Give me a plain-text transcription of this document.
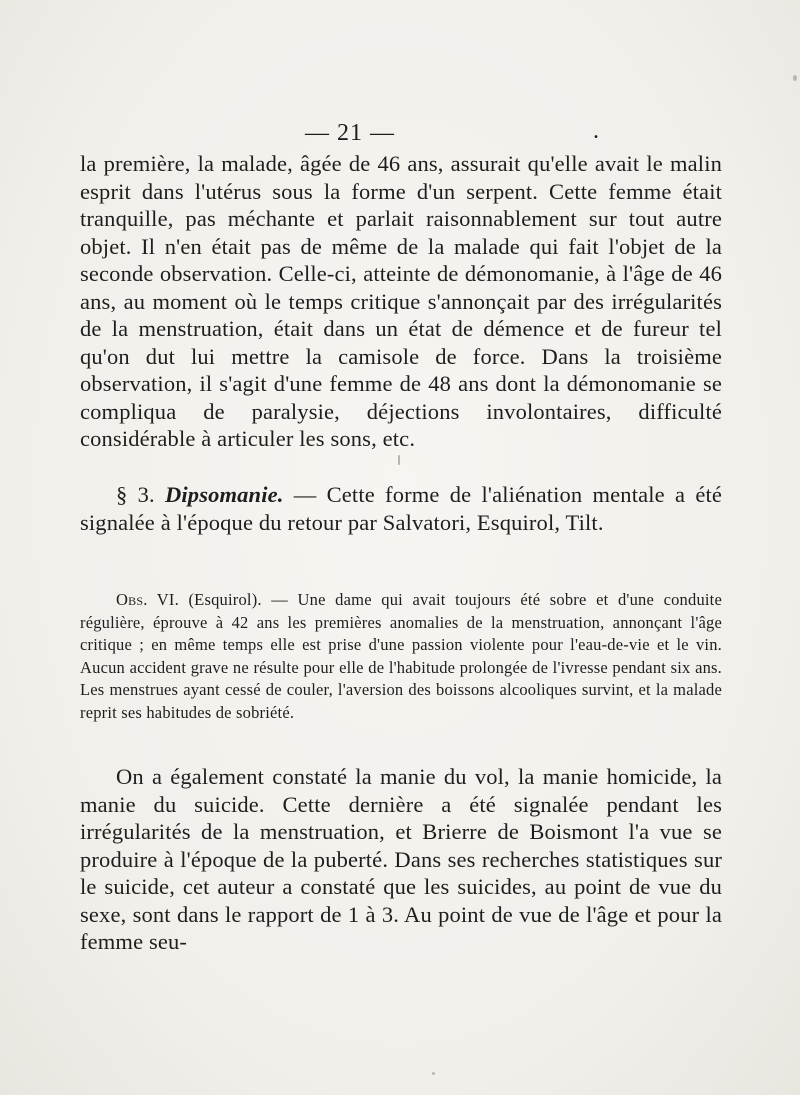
— 21 —	.

la première, la malade, âgée de 46 ans, assurait qu'elle avait le malin esprit dans l'utérus sous la forme d'un serpent. Cette femme était tranquille, pas méchante et parlait raisonnablement sur tout autre objet. Il n'en était pas de même de la malade qui fait l'objet de la seconde observation. Celle-ci, atteinte de démonomanie, à l'âge de 46 ans, au moment où le temps critique s'annonçait par des irrégularités de la menstruation, était dans un état de démence et de fureur tel qu'on dut lui mettre la camisole de force. Dans la troisième observation, il s'agit d'une femme de 48 ans dont la démonomanie se compliqua de paralysie, déjections involontaires, difficulté considérable à articuler les sons, etc.

§ 3. Dipsomanie. — Cette forme de l'aliénation mentale a été signalée à l'époque du retour par Salvatori, Esquirol, Tilt.

Obs. VI. (Esquirol). — Une dame qui avait toujours été sobre et d'une conduite régulière, éprouve à 42 ans les premières anomalies de la menstruation, annonçant l'âge critique ; en même temps elle est prise d'une passion violente pour l'eau-de-vie et le vin. Aucun accident grave ne résulte pour elle de l'habitude prolongée de l'ivresse pendant six ans. Les menstrues ayant cessé de couler, l'aversion des boissons alcooliques survint, et la malade reprit ses habitudes de sobriété.

On a également constaté la manie du vol, la manie homicide, la manie du suicide. Cette dernière a été signalée pendant les irrégularités de la menstruation, et Brierre de Boismont l'a vue se produire à l'époque de la puberté. Dans ses recherches statistiques sur le suicide, cet auteur a constaté que les suicides, au point de vue du sexe, sont dans le rapport de 1 à 3. Au point de vue de l'âge et pour la femme seu-
